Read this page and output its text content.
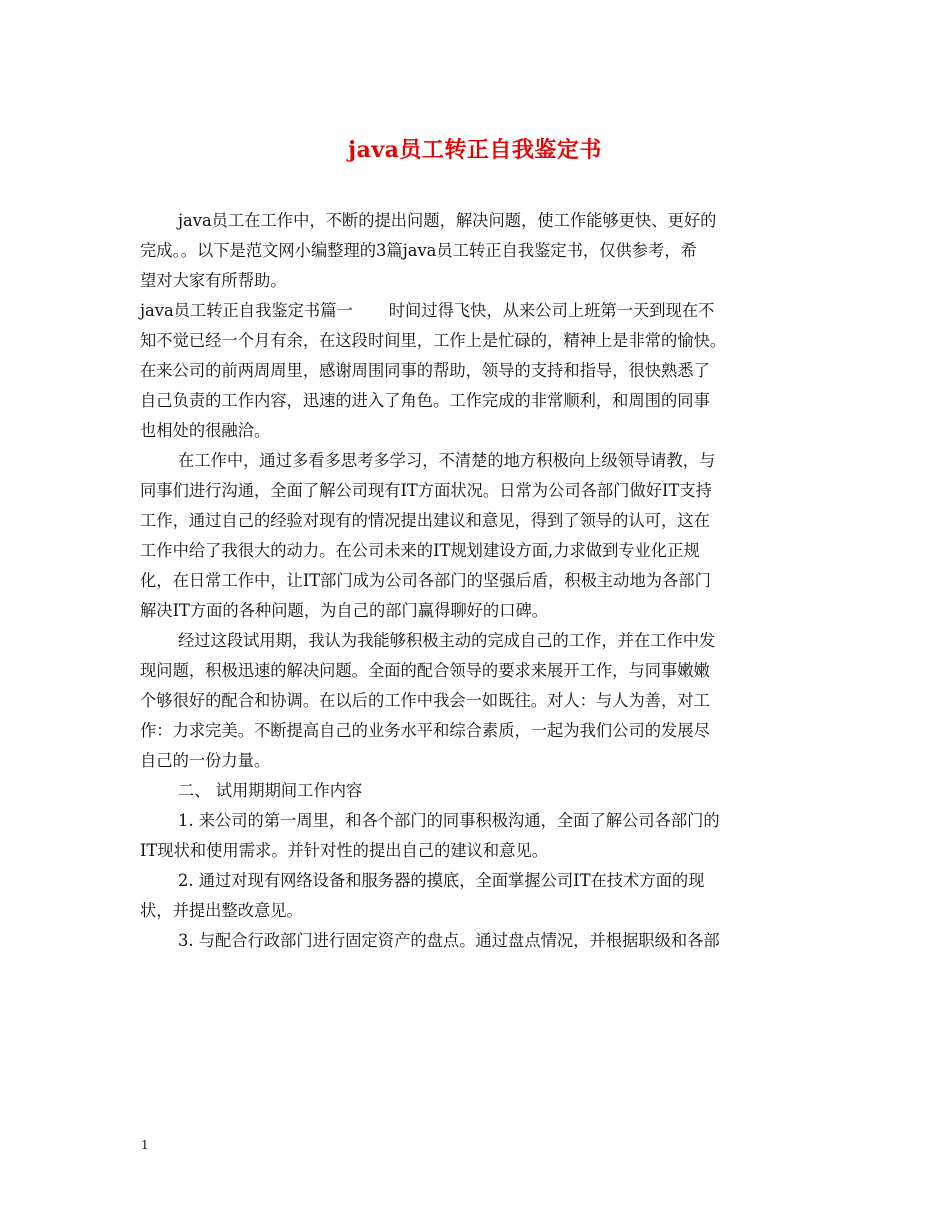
java员工转正自我鉴定书
java员工在工作中，不断的提出问题，解决问题，使工作能够更快、更好的
完成。。以下是范文网小编整理的3篇java员工转正自我鉴定书，仅供参考，希
望对大家有所帮助。
java员工转正自我鉴定书篇一 时间过得飞快，从来公司上班第一天到现在不
知不觉已经一个月有余，在这段时间里，工作上是忙碌的，精神上是非常的愉快。
在来公司的前两周周里，感谢周围同事的帮助，领导的支持和指导，很快熟悉了
自己负责的工作内容，迅速的进入了角色。工作完成的非常顺利，和周围的同事
也相处的很融洽。
在工作中，通过多看多思考多学习，不清楚的地方积极向上级领导请教，与
同事们进行沟通，全面了解公司现有IT方面状况。日常为公司各部门做好IT支持
工作，通过自己的经验对现有的情况提出建议和意见，得到了领导的认可，这在
工作中给了我很大的动力。在公司未来的IT规划建设方面,力求做到专业化正规
化，在日常工作中，让IT部门成为公司各部门的坚强后盾，积极主动地为各部门
解决IT方面的各种问题，为自己的部门赢得聊好的口碑。
经过这段试用期，我认为我能够积极主动的完成自己的工作，并在工作中发
现问题，积极迅速的解决问题。全面的配合领导的要求来展开工作，与同事嫩嫩
个够很好的配合和协调。在以后的工作中我会一如既往。对人：与人为善，对工
作：力求完美。不断提高自己的业务水平和综合素质，一起为我们公司的发展尽
自己的一份力量。
二、 试用期期间工作内容
1. 来公司的第一周里，和各个部门的同事积极沟通，全面了解公司各部门的
IT现状和使用需求。并针对性的提出自己的建议和意见。
2. 通过对现有网络设备和服务器的摸底，全面掌握公司IT在技术方面的现
状，并提出整改意见。
3. 与配合行政部门进行固定资产的盘点。通过盘点情况，并根据职级和各部
1
